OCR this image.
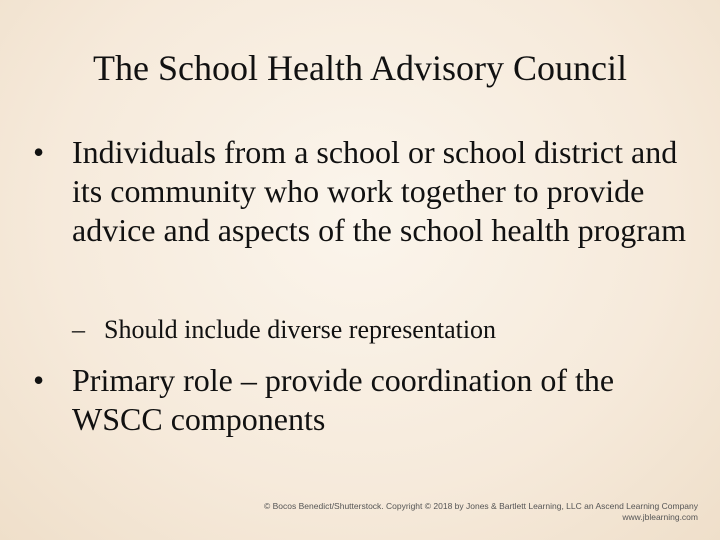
The School Health Advisory Council
• Individuals from a school or school district and its community who work together to provide advice and aspects of the school health program
• Primary role – provide coordination of the WSCC components
– Should include diverse representation
© Bocos Benedict/Shutterstock. Copyright © 2018 by Jones & Bartlett Learning, LLC an Ascend Learning Company
www.jblearning.com
